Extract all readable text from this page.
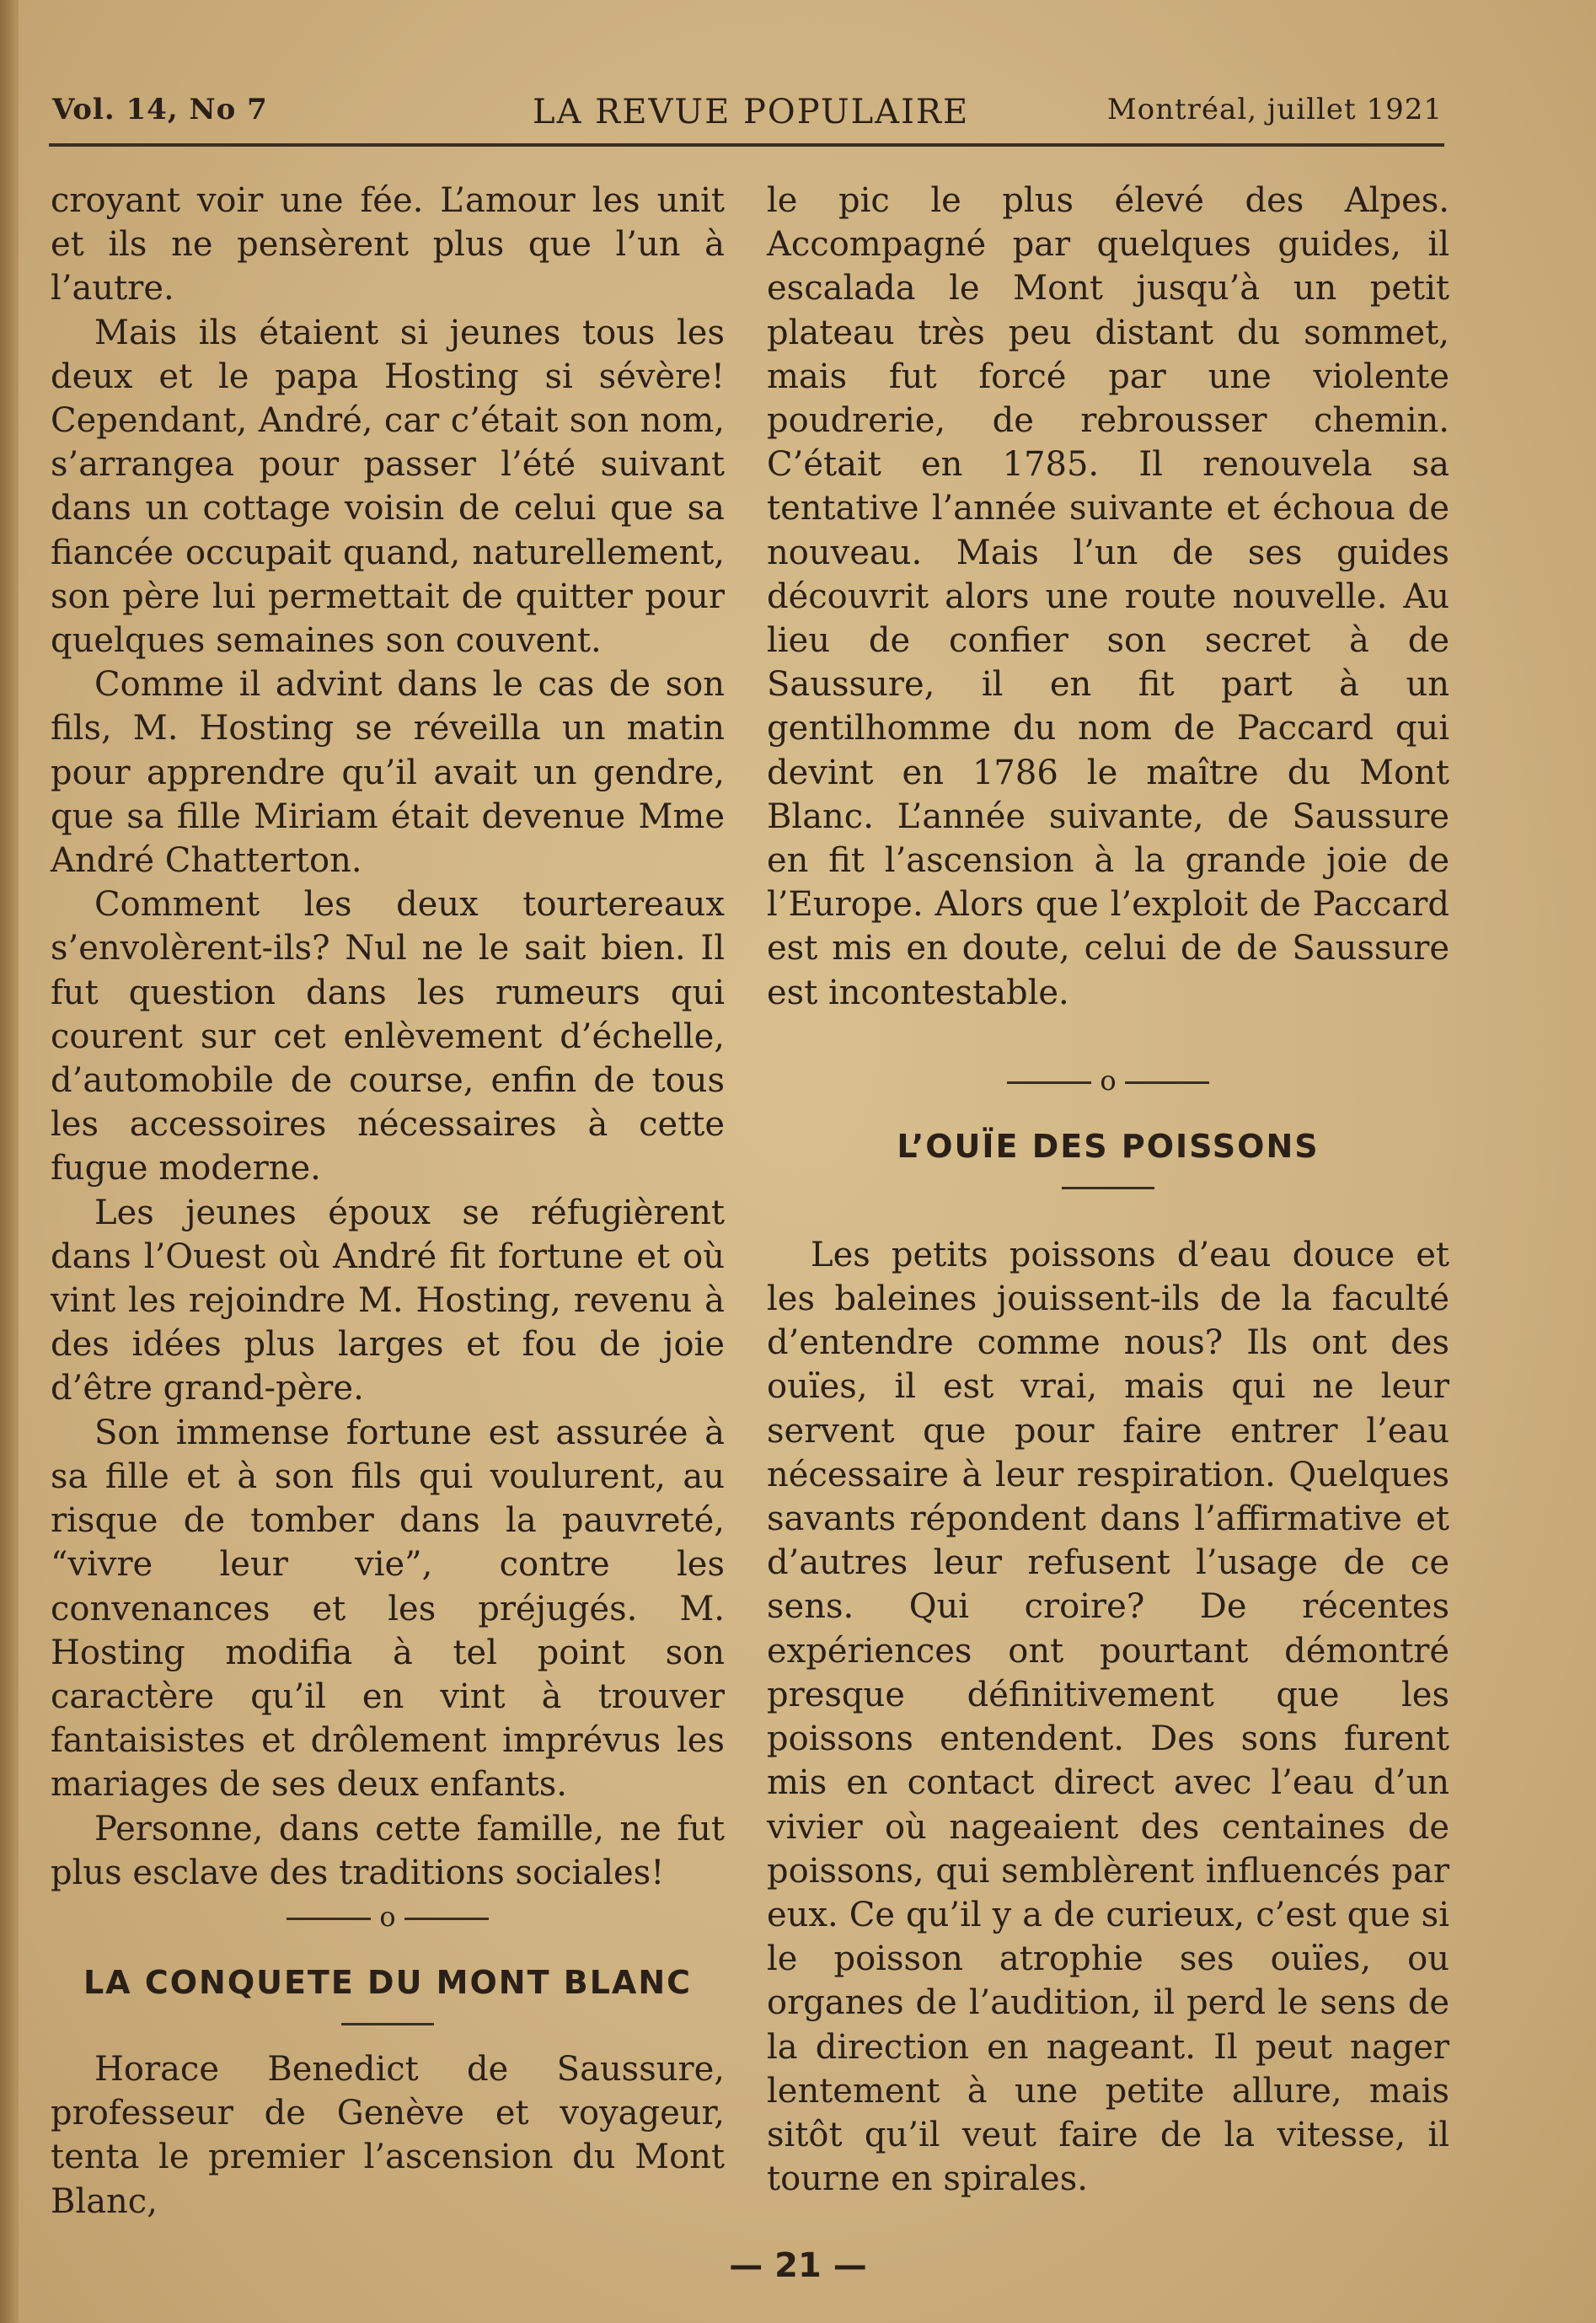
Vol. 14, No 7	LA REVUE POPULAIRE	Montréal, juillet 1921

croyant voir une fée. L’amour les unit et ils ne pensèrent plus que l’un à l’autre.

Mais ils étaient si jeunes tous les deux et le papa Hosting si sévère! Cependant, André, car c’était son nom, s’arrangea pour passer l’été suivant dans un cottage voisin de celui que sa fiancée occupait quand, naturellement, son père lui permettait de quitter pour quelques semaines son couvent.

Comme il advint dans le cas de son fils, M. Hosting se réveilla un matin pour apprendre qu’il avait un gendre, que sa fille Miriam était devenue Mme André Chatterton.

Comment les deux tourtereaux s’envolèrent-ils? Nul ne le sait bien. Il fut question dans les rumeurs qui courent sur cet enlèvement d’échelle, d’automobile de course, enfin de tous les accessoires nécessaires à cette fugue moderne.

Les jeunes époux se réfugièrent dans l’Ouest où André fit fortune et où vint les rejoindre M. Hosting, revenu à des idées plus larges et fou de joie d’être grand-père.

Son immense fortune est assurée à sa fille et à son fils qui voulurent, au risque de tomber dans la pauvreté, “vivre leur vie”, contre les convenances et les préjugés. M. Hosting modifia à tel point son caractère qu’il en vint à trouver fantaisistes et drôlement imprévus les mariages de ses deux enfants.

Personne, dans cette famille, ne fut plus esclave des traditions sociales!

o
LA CONQUETE DU MONT BLANC

Horace Benedict de Saussure, professeur de Genève et voyageur, tenta le premier l’ascension du Mont Blanc,

le pic le plus élevé des Alpes. Accompagné par quelques guides, il escalada le Mont jusqu’à un petit plateau très peu distant du sommet, mais fut forcé par une violente poudrerie, de rebrousser chemin. C’était en 1785. Il renouvela sa tentative l’année suivante et échoua de nouveau. Mais l’un de ses guides découvrit alors une route nouvelle. Au lieu de confier son secret à de Saussure, il en fit part à un gentilhomme du nom de Paccard qui devint en 1786 le maître du Mont Blanc. L’année suivante, de Saussure en fit l’ascension à la grande joie de l’Europe. Alors que l’exploit de Paccard est mis en doute, celui de de Saussure est incontestable.

o
L’OUÏE DES POISSONS

Les petits poissons d’eau douce et les baleines jouissent-ils de la faculté d’entendre comme nous? Ils ont des ouïes, il est vrai, mais qui ne leur servent que pour faire entrer l’eau nécessaire à leur respiration. Quelques savants répondent dans l’affirmative et d’autres leur refusent l’usage de ce sens. Qui croire? De récentes expériences ont pourtant démontré presque définitivement que les poissons entendent. Des sons furent mis en contact direct avec l’eau d’un vivier où nageaient des centaines de poissons, qui semblèrent influencés par eux. Ce qu’il y a de curieux, c’est que si le poisson atrophie ses ouïes, ou organes de l’audition, il perd le sens de la direction en nageant. Il peut nager lentement à une petite allure, mais sitôt qu’il veut faire de la vitesse, il tourne en spirales.

— 21 —
